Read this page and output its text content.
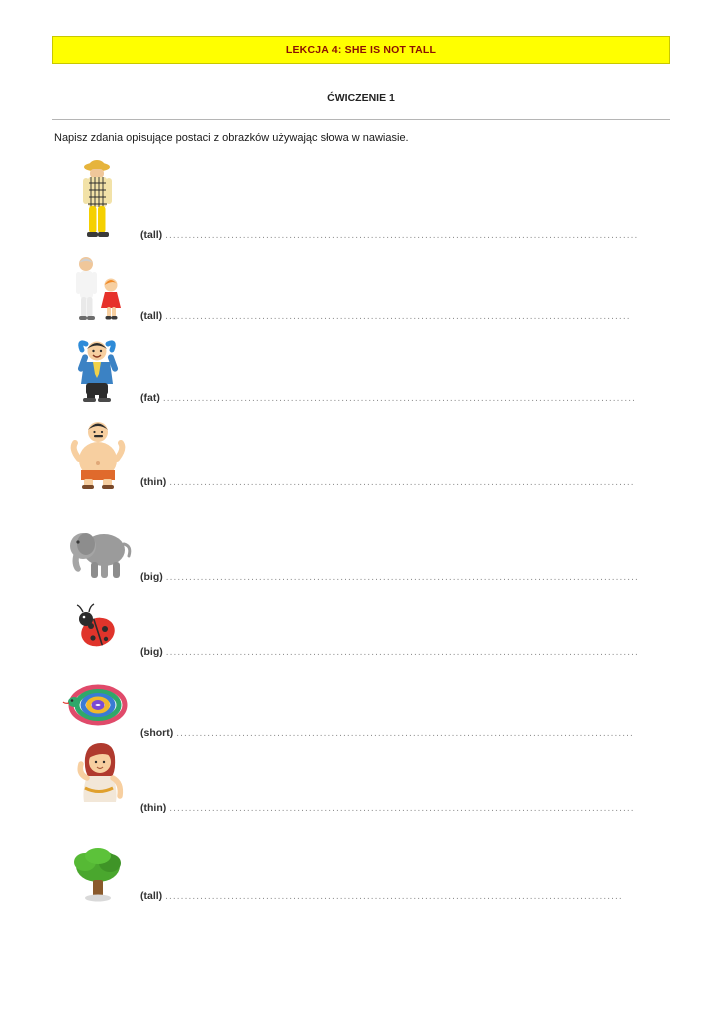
LEKCJA 4: SHE IS NOT TALL
ĆWICZENIE 1
Napisz zdania opisujące postaci z obrazków używając słowa w nawiasie.
(tall) ..........................................................................................................................
(tall) ........................................................................................................................
(fat) ..........................................................................................................................
(thin) ........................................................................................................................
(big) ..........................................................................................................................
(big) ..........................................................................................................................
(short) ......................................................................................................................
(thin) ........................................................................................................................
(tall) ......................................................................................................................
